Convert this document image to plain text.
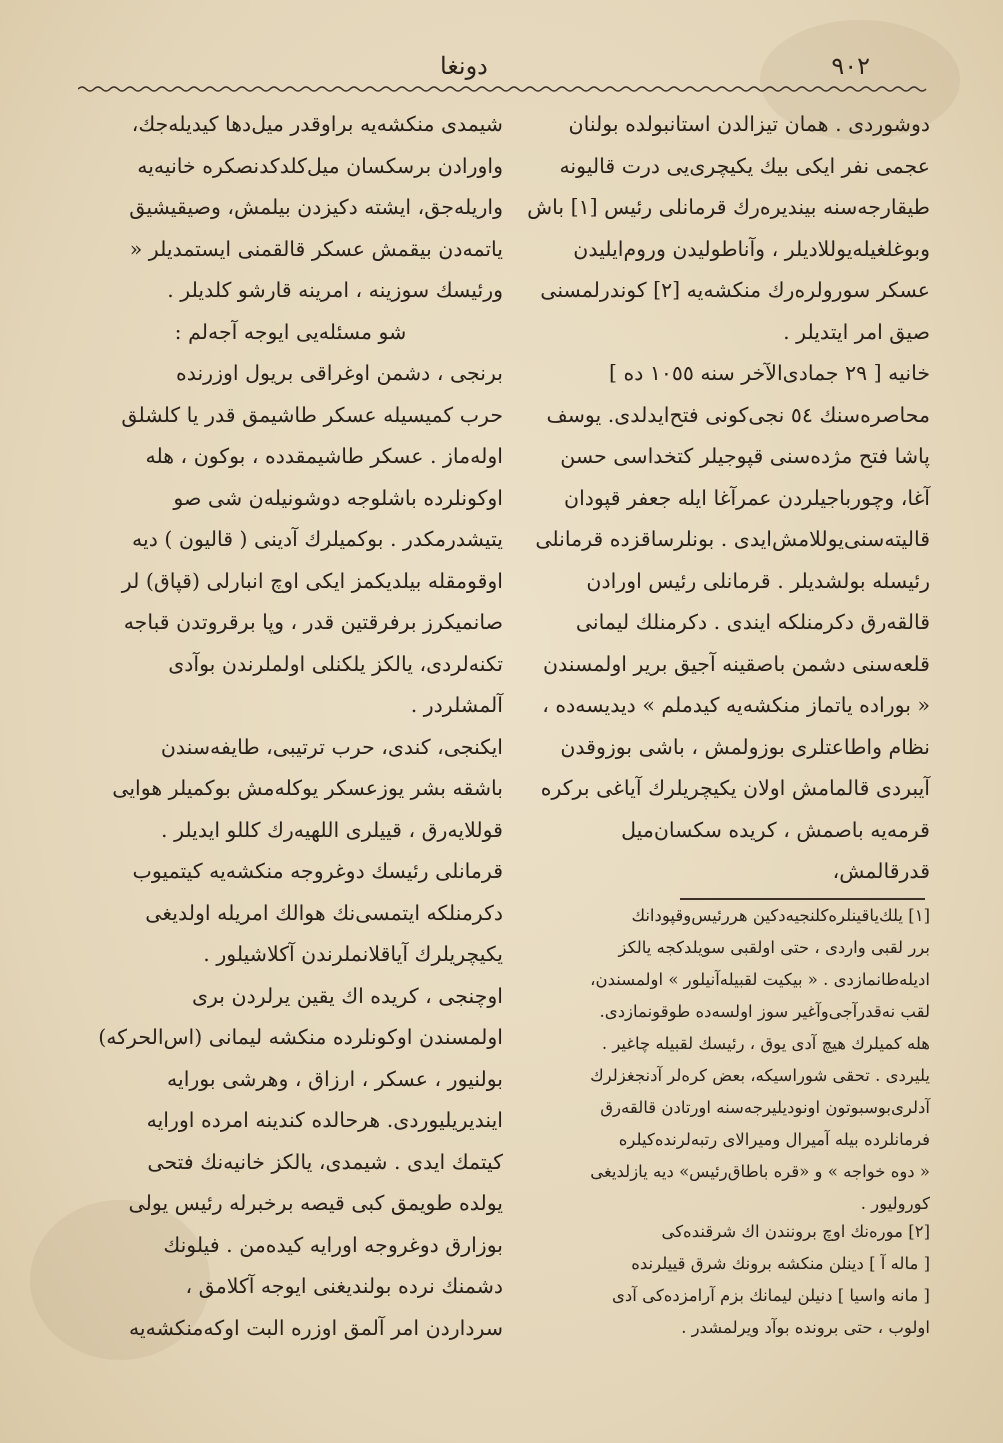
دونغا	٩٠٢

دوشوردی . همان تیزالدن استانبولده بولنان

عجمی نفر ایکی بیك یکیچری‌یی درت قالیونه

طیقارجه‌سنه بیندیره‌رك قرمانلی رئیس [١] باش

وبوغلغیله‌یوللادیلر ، وآناطولیدن وروم‌ایلیدن

عسکر سورولره‌رك منکشه‌یه [٢] کوندرلمسنی

صیق امر ایتدیلر .

خانیه [ ٢٩ جمادی‌الآخر سنه ١٠٥٥ ده ]

محاصره‌سنك ٥٤ نجی‌کونی فتح‌ایدلدی. یوسف

پاشا فتح مژده‌سنی قپوجیلر کتخداسی حسن

آغا، وچورباجیلردن عمرآغا ایله جعفر قپودان

قالیته‌سنی‌یوللامش‌ایدی . بونلرساقزده قرمانلی

رئیسله بولشدیلر . قرمانلی رئیس اورادن

قالقه‌رق دکرمنلکه ایندی . دکرمنلك لیمانی

قلعه‌سنی دشمن باصقینه آجیق بریر اولمسندن

« بوراده یاتماز منکشه‌یه کیدملم » دیدیسه‌ده ،

نظام واطاعتلری بوزولمش ، باشی بوزوقدن

آیبردی قالمامش اولان یکیچریلرك آیاغی برکره

قرمه‌یه باصمش ، کریده سکسان‌میل قدرقالمش،

شیمدی منکشه‌یه براوقدر میل‌دها کیدیله‌جك،

واورادن برسکسان میل‌کلدکدنصکره خانیه‌یه

واریله‌جق، ایشته دکیزدن بیلمش، وصیقیشیق

یاتمه‌دن بیقمش عسکر قالقمنی ایستمدیلر «

ورئیسك سوزینه ، امرینه قارشو کلدیلر .

شو مسئله‌یی ایوجه آجه‌لم :

برنجی ، دشمن اوغراقی بریول اوزرنده

حرب کمیسیله عسکر طاشیمق قدر یا کلشلق

اوله‌ماز . عسکر طاشیمقدده ، بوکون ، هله

اوکونلرده باشلوجه دوشونیله‌ن شی صو

یتیشدرمکدر . بوکمیلرك آدینی ( قالیون ) دیه

اوقومقله بیلدیکمز ایکی اوچ انبارلی (قپاق) لر

صانمیکرز برفرقتین قدر ، وپا برقروتدن قباجه

تکنه‌لردی، یالکز یلکنلی اولملرندن بوآدی

آلمشلردر .

ایکنجی، کندی، حرب ترتیبی، طایفه‌سندن

باشقه بشر یوزعسکر یوکله‌مش بوکمیلر هوایی

قوللایه‌رق ، قییلری اللهیه‌رك کللو ایدیلر .

قرمانلی رئیسك دوغروجه منکشه‌یه کیتمیوب

دکرمنلکه ایتمسی‌نك هوالك امریله اولدیغی

یکیچریلرك آیاقلانملرندن آکلاشیلور .

اوچنجی ، کریده اك یقین یرلردن بری

اولمسندن اوکونلرده منکشه لیمانی (اس‌الحرکه)

بولنیور ، عسکر ، ارزاق ، وهرشی بورایه

ایندیریلیوردی. هرحالده کندینه امرده اورایه

کیتمك ایدی . شیمدی، یالکز خانیه‌نك فتحی

یولده طویمق کبی قیصه برخبرله رئیس یولی

بوزارق دوغروجه اورایه کیده‌من . فیلونك

دشمنك نرده بولندیغنی ایوجه آکلامق ،

سرداردن امر آلمق اوزره البت اوکه‌منکشه‌یه

[١] یلك‌یاقینلره‌کلنجیه‌دکین هررئیس‌وقپودانك

برر لقبی واردی ، حتی اولقبی سویلدکجه یالکز

ادیله‌طانمازدی . « بیکیت لقبیله‌آنیلور » اولمسندن،

لقب نه‌قدرآجی‌وآغیر سوز اولسه‌ده طوقونمازدی.

هله کمیلرك هیچ آدی یوق ، رئیسك لقبیله چاغیر .

یلیردی . تحقی شوراسیکه، بعض کره‌لر آدنجغزلرك

آدلری‌بوسبوتون اونودیلیرجه‌سنه اورتادن قالقه‌رق

فرمانلرده بیله آمیرال ومیرالای رتبه‌لرنده‌کیلره

« دوه خواجه » و «قره باطاق‌رئیس» دیه یازلدیغی

کورولیور .

[٢] موره‌نك اوچ برونندن اك شرقنده‌کی

[ ماله آ ] دینلن منکشه برونك شرق قییلرنده

[ مانه واسیا ] دنیلن لیمانك بزم آرامزده‌کی آدی

اولوب ، حتی برونده بوآد ویرلمشدر .
